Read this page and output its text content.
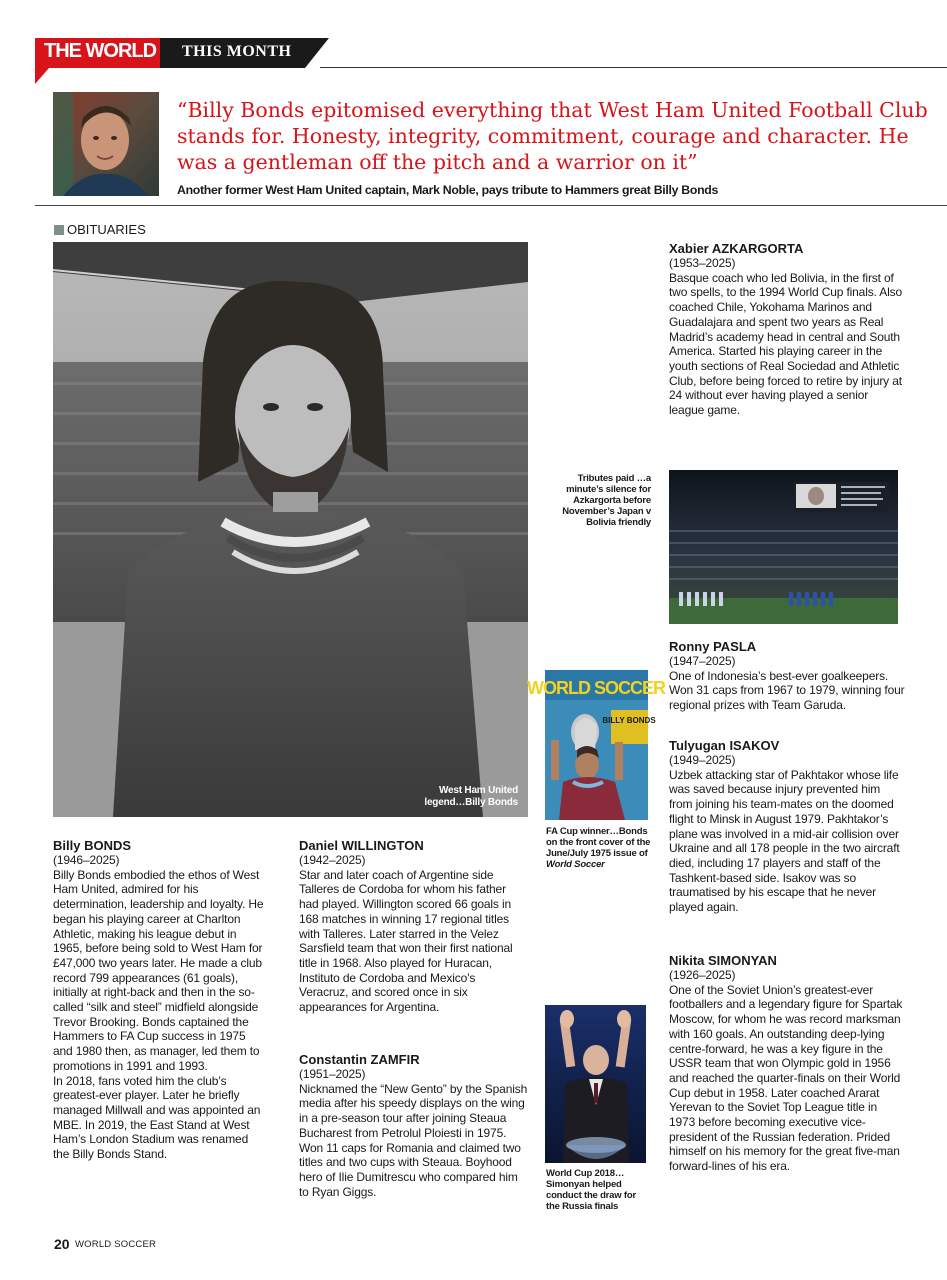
THE WORLD THIS MONTH
“Billy Bonds epitomised everything that West Ham United Football Club stands for. Honesty, integrity, commitment, courage and character. He was a gentleman off the pitch and a warrior on it”
Another former West Ham United captain, Mark Noble, pays tribute to Hammers great Billy Bonds
OBITUARIES
West Ham United
legend…Billy Bonds
Billy BONDS
(1946–2025)

Billy Bonds embodied the ethos of West Ham United, admired for his determination, leadership and loyalty. He began his playing career at Charlton Athletic, making his league debut in 1965, before being sold to West Ham for £47,000 two years later. He made a club record 799 appearances (61 goals), initially at right-back and then in the so-called “silk and steel” midfield alongside Trevor Brooking. Bonds captained the Hammers to FA Cup success in 1975 and 1980 then, as manager, led them to promotions in 1991 and 1993.

In 2018, fans voted him the club’s greatest-ever player. Later he briefly managed Millwall and was appointed an MBE. In 2019, the East Stand at West Ham’s London Stadium was renamed the Billy Bonds Stand.

Daniel WILLINGTON
(1942–2025)

Star and later coach of Argentine side Talleres de Cordoba for whom his father had played. Willington scored 66 goals in 168 matches in winning 17 regional titles with Talleres. Later starred in the Velez Sarsfield team that won their first national title in 1968. Also played for Huracan, Instituto de Cordoba and Mexico’s Veracruz, and scored once in six appearances for Argentina.

Constantin ZAMFIR
(1951–2025)

Nicknamed the “New Gento” by the Spanish media after his speedy displays on the wing in a pre-season tour after joining Steaua Bucharest from Petrolul Ploiesti in 1975. Won 11 caps for Romania and claimed two titles and two cups with Steaua. Boyhood hero of Ilie Dumitrescu who compared him to Ryan Giggs.

Xabier AZKARGORTA
(1953–2025)

Basque coach who led Bolivia, in the first of two spells, to the 1994 World Cup finals. Also coached Chile, Yokohama Marinos and Guadalajara and spent two years as Real Madrid’s academy head in central and South America. Started his playing career in the youth sections of Real Sociedad and Athletic Club, before being forced to retire by injury at 24 without ever having played a senior league game.

Tributes paid …a minute’s silence for Azkargorta before November’s Japan v Bolivia friendly
Ronny PASLA
(1947–2025)

One of Indonesia’s best-ever goalkeepers. Won 31 caps from 1967 to 1979, winning four regional prizes with Team Garuda.

Tulyugan ISAKOV
(1949–2025)

Uzbek attacking star of Pakhtakor whose life was saved because injury prevented him from joining his team-mates on the doomed flight to Minsk in August 1979. Pakhtakor’s plane was involved in a mid-air collision over Ukraine and all 178 people in the two aircraft died, including 17 players and staff of the Tashkent-based side. Isakov was so traumatised by his escape that he never played again.

Nikita SIMONYAN
(1926–2025)

One of the Soviet Union’s greatest-ever footballers and a legendary figure for Spartak Moscow, for whom he was record marksman with 160 goals. An outstanding deep-lying centre-forward, he was a key figure in the USSR team that won Olympic gold in 1956 and reached the quarter-finals on their World Cup debut in 1958. Later coached Ararat Yerevan to the Soviet Top League title in 1973 before becoming executive vice-president of the Russian federation. Prided himself on his memory for the great five-man forward-lines of his era.

WORLD SOCCER
BILLY BONDS
FA Cup winner…Bonds on the front cover of the June/July 1975 issue of World Soccer
World Cup 2018… Simonyan helped conduct the draw for the Russia finals
20 WORLD SOCCER
